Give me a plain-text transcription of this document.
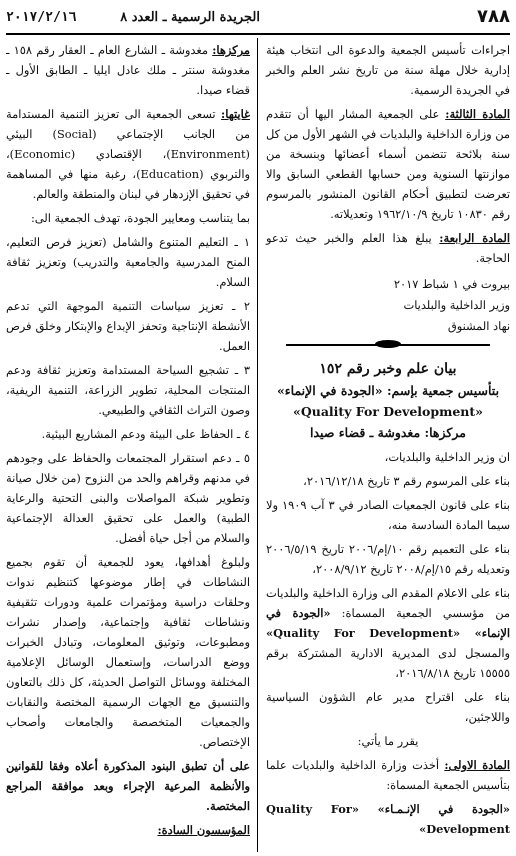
٧٨٨
الجريدة الرسمية ـ العدد ٨
٢٠١٧/٢/١٦

اجراءات تأسيس الجمعية والدعوة الى انتخاب هيئة إدارية خلال مهلة سنة من تاريخ نشر العلم والخبر في الجريدة الرسمية.

المادة الثالثة: على الجمعية المشار اليها أن تتقدم من وزارة الداخلية والبلديات في الشهر الأول من كل سنة بلائحة تتضمن أسماء أعضائها وبنسخة من موازنتها السنوية ومن حسابها القطعي السابق والا تعرضت لتطبيق أحكام القانون المنشور بالمرسوم رقم ١٠٨٣٠ تاريخ ١٩٦٢/١٠/٩ وتعديلاته.

المادة الرابعة: يبلغ هذا العلم والخبر حيث تدعو الحاجة.

بيروت في ١ شباط ٢٠١٧

وزير الداخلية والبلديات

نهاد المشنوق

بيان علم وخبر رقم ١٥٢

بتأسيس جمعية بإسم: «الجودة في الإنماء»

«Quality For Development»

مركزها: مغدوشة ـ قضاء صيدا

ان وزير الداخلية والبلديات،

بناء على المرسوم رقم ٣ تاريخ ٢٠١٦/١٢/١٨،

بناء على قانون الجمعيات الصادر في ٣ آب ١٩٠٩ ولا سيما المادة السادسة منه،

بناء على التعميم رقم ١٠/إم/٢٠٠٦ تاريخ ٢٠٠٦/٥/١٩ وتعديله رقم ١٥/إم/٢٠٠٨ تاريخ ٢٠٠٨/٩/١٢،

بناء على الاعلام المقدم الى وزارة الداخلية والبلديات من مؤسسي الجمعية المسماة: «الجودة في الإنماء» «Quality For Development» والمسجل لدى المديرية الادارية المشتركة برقم ١٥٥٥٥ تاريخ ٢٠١٦/٨/١٨،

بناء على اقتراح مدير عام الشؤون السياسية واللاجئين،

يقرر ما يأتي:

المادة الاولى: أخذت وزارة الداخلية والبلديات علما بتأسيس الجمعية المسماة:

«الجودة في الإنـمـاء» «Quality For Development»

مركزها: مغدوشة ـ الشارع العام ـ العقار رقم ١٥٨ ـ مغدوشة سنتر ـ ملك عادل ايليا ـ الطابق الأول ـ قضاء صيدا.

غايتها: تسعى الجمعية الى تعزيز التنمية المستدامة من الجانب الإجتماعي (Social) البيئي (Environment)، الإقتصادي (Economic)، والتربوي (Education)، رغبة منها في المساهمة في تحقيق الإزدهار في لبنان والمنطقة والعالم.

بما يتناسب ومعايير الجودة، تهدف الجمعية الى:

١ ـ التعليم المتنوع والشامل (تعزيز فرص التعليم، المنح المدرسية والجامعية والتدريب) وتعزيز ثقافة السلام.

٢ ـ تعزيز سياسات التنمية الموجهة التي تدعم الأنشطة الإنتاجية وتحفز الإبداع والإبتكار وخلق فرص العمل.

٣ ـ تشجيع السياحة المستدامة وتعزيز ثقافة ودعم المنتجات المحلية، تطوير الزراعة، التنمية الريفية، وصون التراث الثقافي والطبيعي.

٤ ـ الحفاظ على البيئة ودعم المشاريع البيئية.

٥ ـ دعم استقرار المجتمعات والحفاظ على وجودهم في مدنهم وقراهم والحد من النزوح (من خلال صيانة وتطوير شبكة المواصلات والبنى التحتية والرعاية الطبية) والعمل على تحقيق العدالة الإجتماعية والسلام من أجل حياة أفضل.

ولبلوغ أهدافها، يعود للجمعية أن تقوم بجميع النشاطات في إطار موضوعها كتنظيم ندوات وحلقات دراسية ومؤتمرات علمية ودورات تثقيفية ونشاطات ثقافية وإجتماعية، وإصدار نشرات ومطبوعات، وتوثيق المعلومات، وتبادل الخبرات ووضع الدراسات، وإستعمال الوسائل الإعلامية المختلفة ووسائل التواصل الحديثة، كل ذلك بالتعاون والتنسيق مع الجهات الرسمية المختصة والنقابات والجمعيات المتخصصة والجامعات وأصحاب الإختصاص.

على أن تطبق البنود المذكورة أعلاه وفقا للقوانين والأنظمة المرعية الإجراء وبعد موافقة المراجع المختصة.

المؤسسون السادة:
